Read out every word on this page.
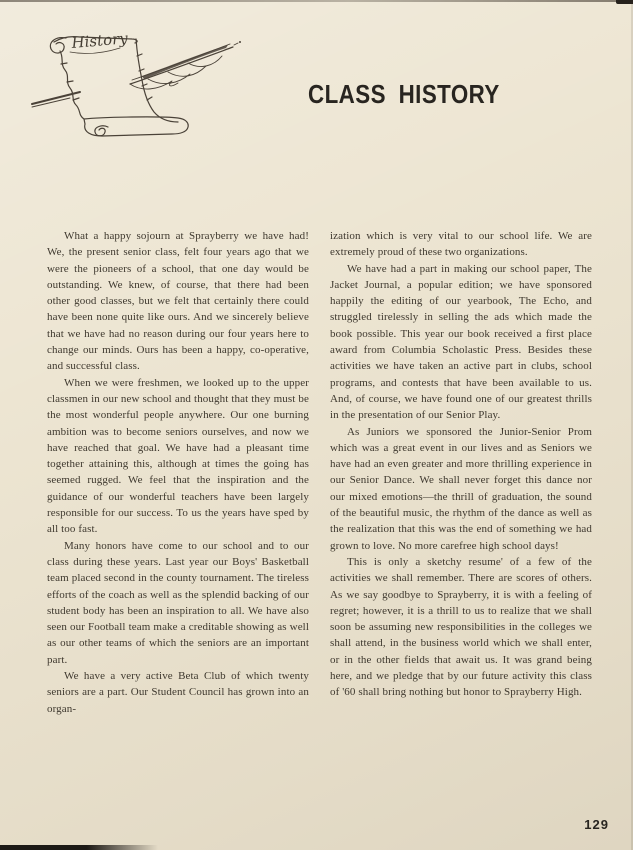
History
CLASS HISTORY

What a happy sojourn at Sprayberry we have had! We, the present senior class, felt four years ago that we were the pioneers of a school, that one day would be outstanding. We knew, of course, that there had been other good classes, but we felt that certainly there could have been none quite like ours. And we sincerely believe that we have had no reason during our four years here to change our minds. Ours has been a happy, co-operative, and successful class.

When we were freshmen, we looked up to the upper classmen in our new school and thought that they must be the most wonderful people anywhere. Our one burning ambition was to become seniors ourselves, and now we have reached that goal. We have had a pleasant time together attaining this, although at times the going has seemed rugged. We feel that the inspiration and the guidance of our wonderful teachers have been largely responsible for our success. To us the years have sped by all too fast.

Many honors have come to our school and to our class during these years. Last year our Boys' Basketball team placed second in the county tournament. The tireless efforts of the coach as well as the splendid backing of our student body has been an inspiration to all. We have also seen our Football team make a creditable showing as well as our other teams of which the seniors are an important part.

We have a very active Beta Club of which twenty seniors are a part. Our Student Council has grown into an organ-

ization which is very vital to our school life. We are extremely proud of these two organizations.

We have had a part in making our school paper, The Jacket Journal, a popular edition; we have sponsored happily the editing of our yearbook, The Echo, and struggled tirelessly in selling the ads which made the book possible. This year our book received a first place award from Columbia Scholastic Press. Besides these activities we have taken an active part in clubs, school programs, and contests that have been available to us. And, of course, we have found one of our greatest thrills in the presentation of our Senior Play.

As Juniors we sponsored the Junior-Senior Prom which was a great event in our lives and as Seniors we have had an even greater and more thrilling experience in our Senior Dance. We shall never forget this dance nor our mixed emotions—the thrill of graduation, the sound of the beautiful music, the rhythm of the dance as well as the realization that this was the end of something we had grown to love. No more carefree high school days!

This is only a sketchy resume' of a few of the activities we shall remember. There are scores of others. As we say goodbye to Sprayberry, it is with a feeling of regret; however, it is a thrill to us to realize that we shall soon be assuming new responsibilities in the colleges we shall attend, in the business world which we shall enter, or in the other fields that await us. It was grand being here, and we pledge that by our future activity this class of '60 shall bring nothing but honor to Sprayberry High.

129
